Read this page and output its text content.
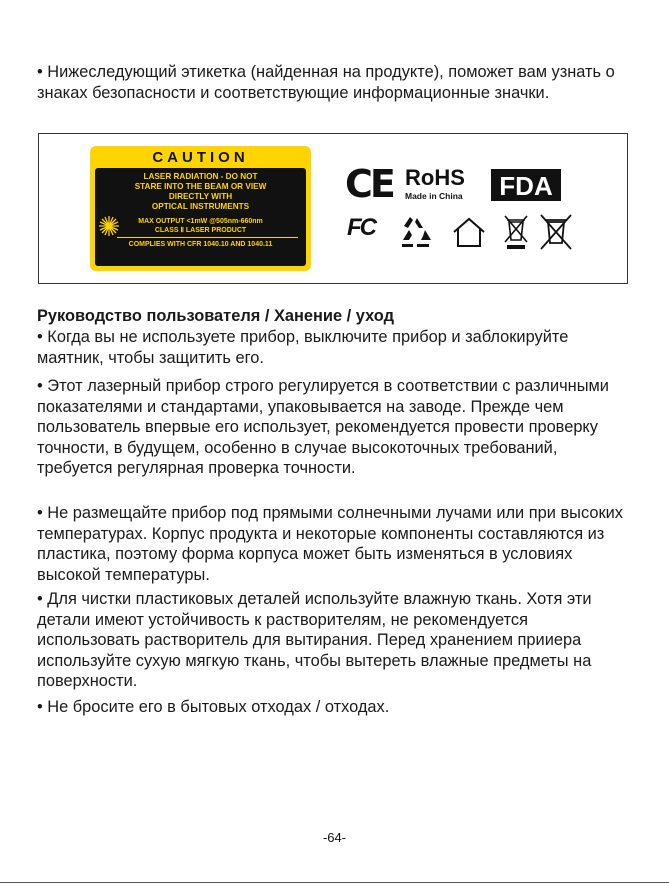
• Нижеследующий этикетка (найденная на продукте), поможет вам узнать о знаках безопасности и соответствующие информационные значки.

CAUTION
LASER RADIATION - DO NOT
STARE INTO THE BEAM OR VIEW
DIRECTLY WITH
OPTICAL INSTRUMENTS
MAX OUTPUT <1mW @505nm-660nm
CLASS Ⅱ LASER PRODUCT
COMPLIES WITH CFR 1040.10 AND 1040.11
CE RoHS
Made in China FDA
FC
Руководство пользователя / Ханение / уход

• Когда вы не используете прибор, выключите прибор и заблокируйте маятник, чтобы защитить его.

• Этот лазерный прибор строго регулируется в соответствии с различными показателями и стандартами, упаковывается на заводе. Прежде чем пользователь впервые его использует, рекомендуется провести проверку точности, в будущем, особенно в случае высокоточных требований, требуется регулярная проверка точности.

• Не размещайте прибор под прямыми солнечными лучами или при высоких температурах. Корпус продукта и некоторые компоненты составляются из пластика, поэтому форма корпуса может быть изменяться в условиях высокой температуры.

• Для чистки пластиковых деталей используйте влажную ткань. Хотя эти детали имеют устойчивость к растворителям, не рекомендуется использовать растворитель для вытирания. Перед хранением прииера используйте сухую мягкую ткань, чтобы вытереть влажные предметы на поверхности.

• Не бросите его в бытовых отходах / отходах.

-64-
